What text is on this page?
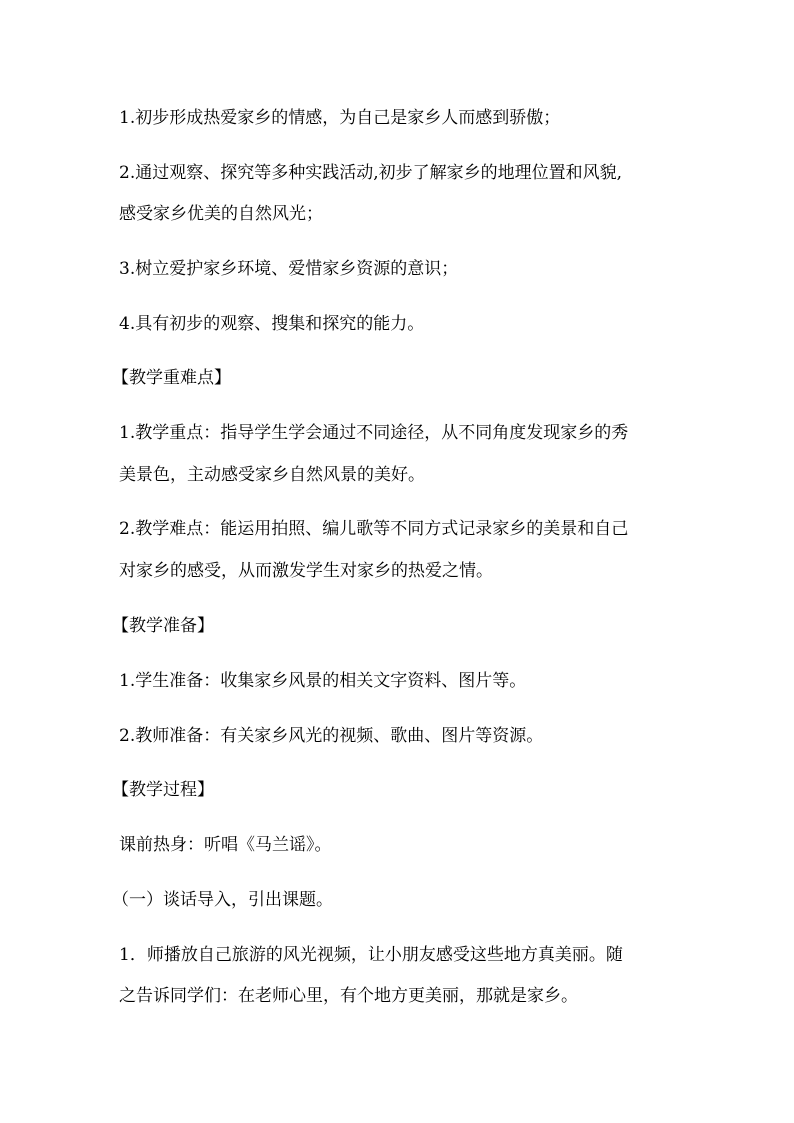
1.初步形成热爱家乡的情感，为自己是家乡人而感到骄傲；
2.通过观察、探究等多种实践活动,初步了解家乡的地理位置和风貌,
感受家乡优美的自然风光；
3.树立爱护家乡环境、爱惜家乡资源的意识；
4.具有初步的观察、搜集和探究的能力。
【教学重难点】
1.教学重点：指导学生学会通过不同途径，从不同角度发现家乡的秀
美景色，主动感受家乡自然风景的美好。
2.教学难点：能运用拍照、编儿歌等不同方式记录家乡的美景和自己
对家乡的感受，从而激发学生对家乡的热爱之情。
【教学准备】
1.学生准备：收集家乡风景的相关文字资料、图片等。
2.教师准备：有关家乡风光的视频、歌曲、图片等资源。
【教学过程】
课前热身：听唱《马兰谣》。
（一）谈话导入，引出课题。
1．师播放自己旅游的风光视频，让小朋友感受这些地方真美丽。随
之告诉同学们：在老师心里，有个地方更美丽，那就是家乡。
